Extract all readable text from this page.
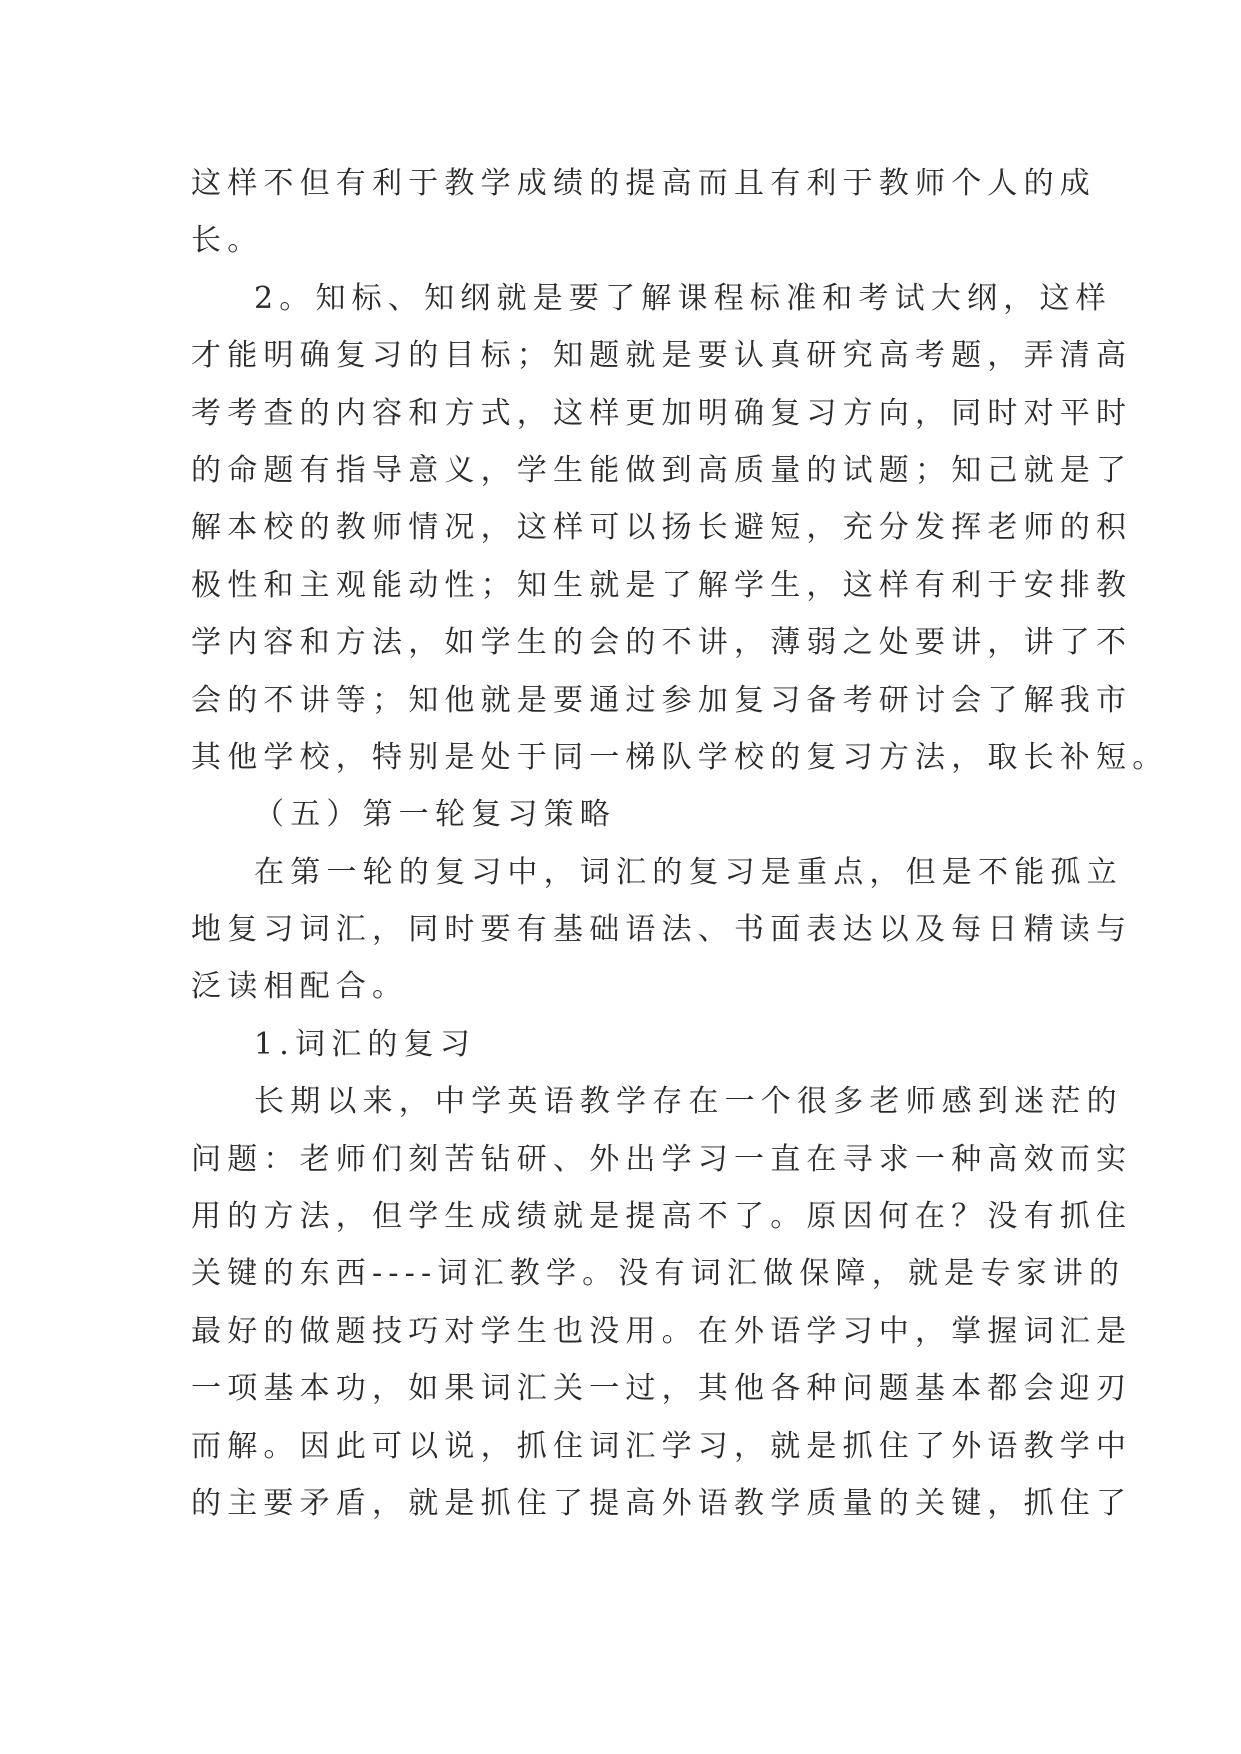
这样不但有利于教学成绩的提高而且有利于教师个人的成
长。
2。知标、知纲就是要了解课程标准和考试大纲，这样
才能明确复习的目标；知题就是要认真研究高考题，弄清高
考考查的内容和方式，这样更加明确复习方向，同时对平时
的命题有指导意义，学生能做到高质量的试题；知己就是了
解本校的教师情况，这样可以扬长避短，充分发挥老师的积
极性和主观能动性；知生就是了解学生，这样有利于安排教
学内容和方法，如学生的会的不讲，薄弱之处要讲，讲了不
会的不讲等；知他就是要通过参加复习备考研讨会了解我市
其他学校，特别是处于同一梯队学校的复习方法，取长补短。
（五）第一轮复习策略
在第一轮的复习中，词汇的复习是重点，但是不能孤立
地复习词汇，同时要有基础语法、书面表达以及每日精读与
泛读相配合。
1.词汇的复习
长期以来，中学英语教学存在一个很多老师感到迷茫的
问题：老师们刻苦钻研、外出学习一直在寻求一种高效而实
用的方法，但学生成绩就是提高不了。原因何在？没有抓住
关键的东西----词汇教学。没有词汇做保障，就是专家讲的
最好的做题技巧对学生也没用。在外语学习中，掌握词汇是
一项基本功，如果词汇关一过，其他各种问题基本都会迎刃
而解。因此可以说，抓住词汇学习，就是抓住了外语教学中
的主要矛盾，就是抓住了提高外语教学质量的关键，抓住了
